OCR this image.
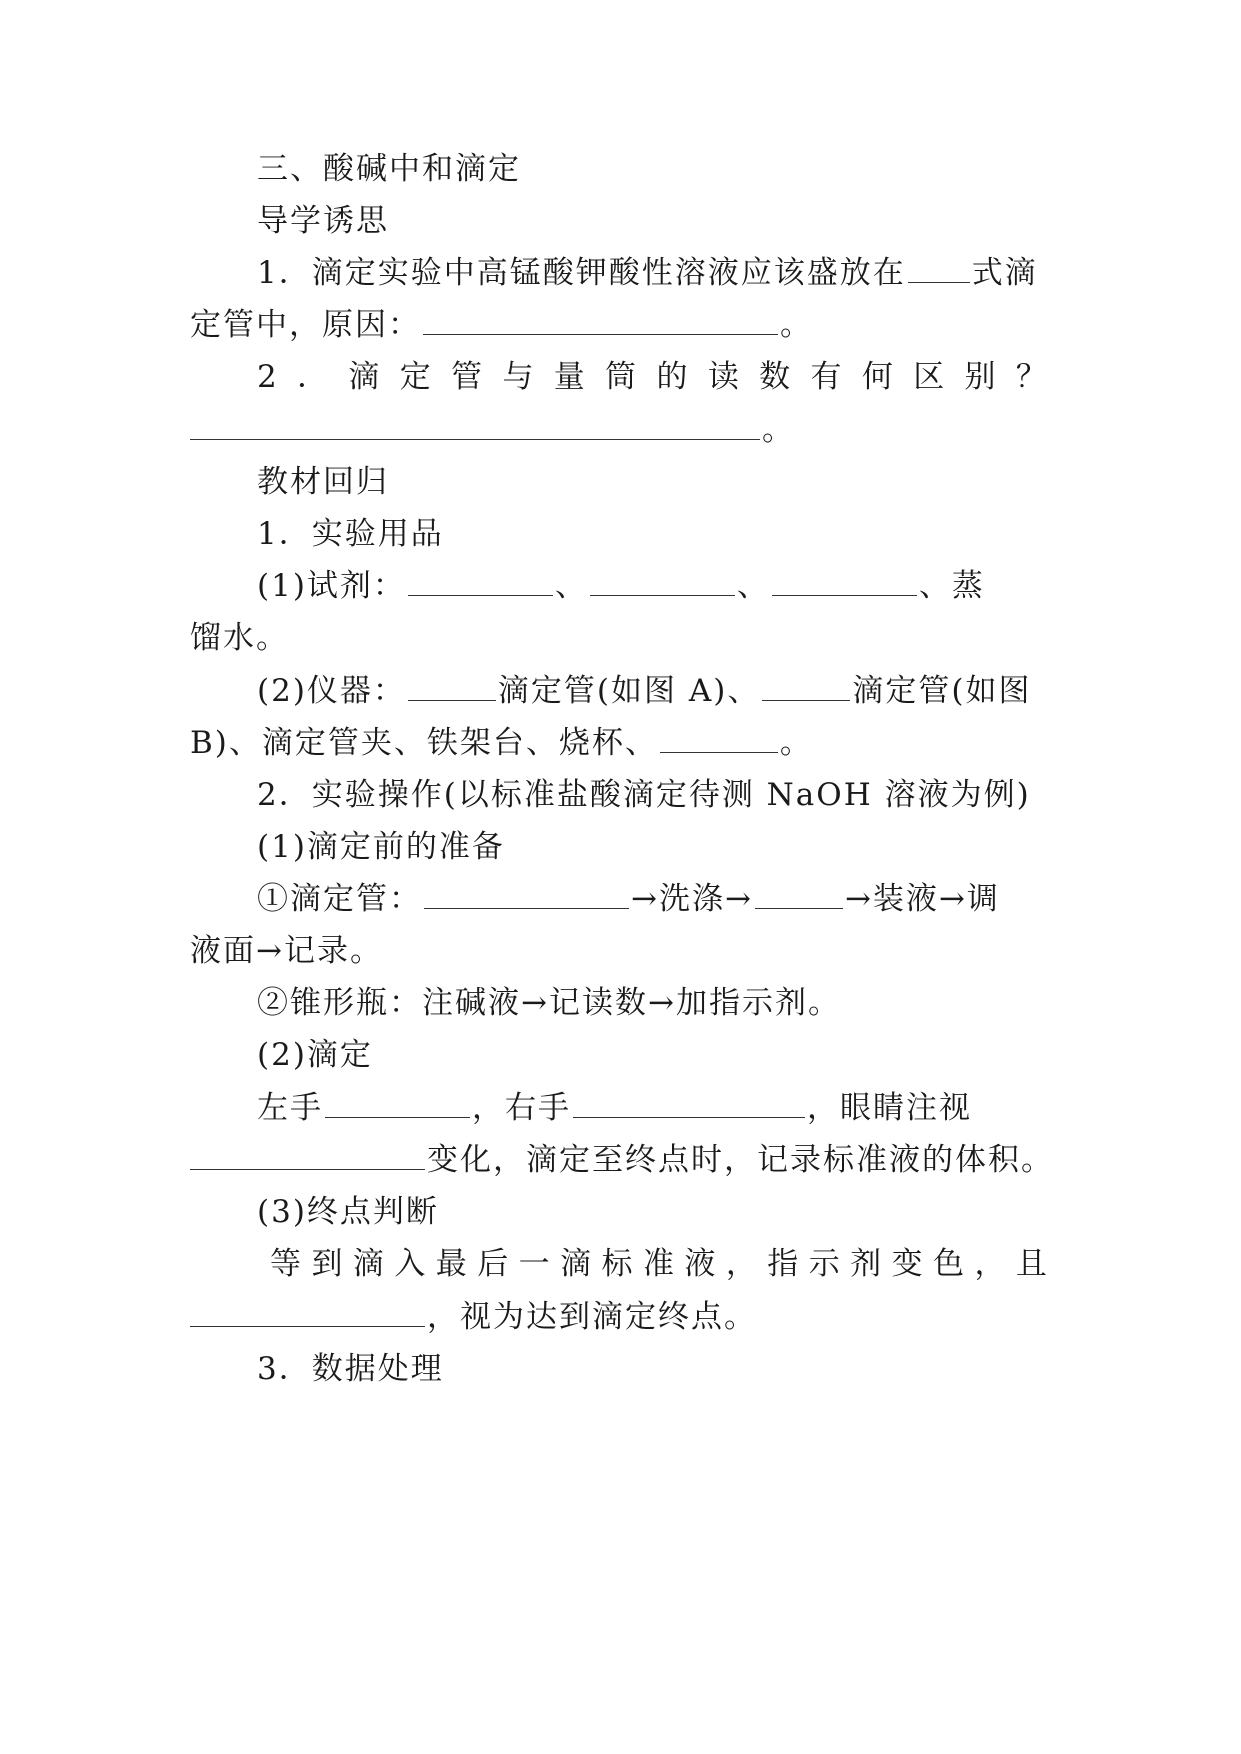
三、酸碱中和滴定
导学诱思
1．滴定实验中高锰酸钾酸性溶液应该盛放在 式滴
定管中，原因：	。
2 ． 滴 定 管 与 量 筒 的 读 数 有 何 区 别 ？
。
教材回归
1．实验用品
(1)试剂：	、	、	、蒸
馏水。
(2)仪器：	滴定管(如图 A)、	滴定管(如图
B)、滴定管夹、铁架台、烧杯、	。
2．实验操作(以标准盐酸滴定待测 NaOH 溶液为例)
(1)滴定前的准备
①滴定管：	→洗涤→	→装液→调
液面→记录。
②锥形瓶：注碱液→记读数→加指示剂。
(2)滴定
左手	，右手	，眼睛注视
变化，滴定至终点时，记录标准液的体积。
(3)终点判断
等 到 滴 入 最 后 一 滴 标 准 液 ， 指 示 剂 变 色 ， 且
，视为达到滴定终点。
3．数据处理
